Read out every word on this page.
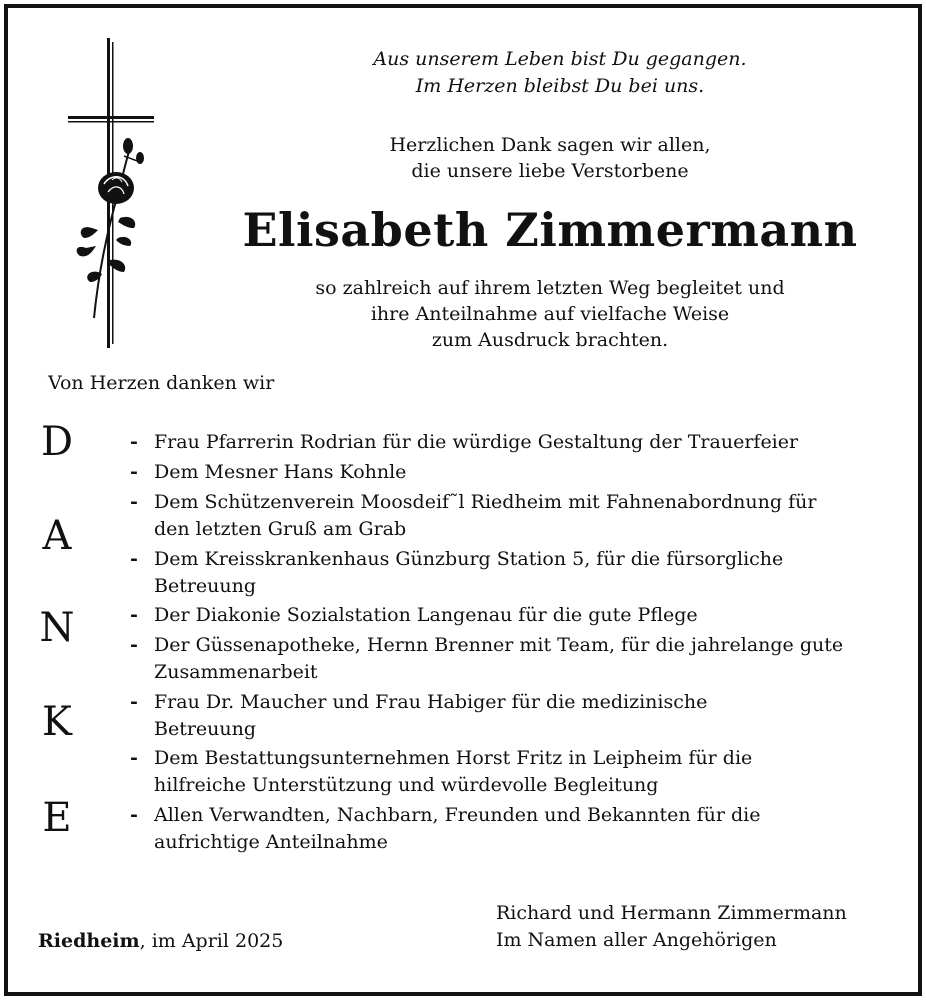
Aus unserem Leben bist Du gegangen.
Im Herzen bleibst Du bei uns.
Herzlichen Dank sagen wir allen,
die unsere liebe Verstorbene
Elisabeth Zimmermann
so zahlreich auf ihrem letzten Weg begleitet und
ihre Anteilnahme auf vielfache Weise
zum Ausdruck brachten.
Von Herzen danken wir
D
A
N
K
E
- Frau Pfarrerin Rodrian für die würdige Gestaltung der Trauerfeier
- Dem Mesner Hans Kohnle
- Dem Schützenverein Moosdeif˜l Riedheim mit Fahnenabordnung für den letzten Gruß am Grab
- Dem Kreisskrankenhaus Günzburg Station 5, für die fürsorgliche Betreuung
- Der Diakonie Sozialstation Langenau für die gute Pflege
- Der Güssenapotheke, Hernn Brenner mit Team, für die jahrelange gute Zusammenarbeit
- Frau Dr. Maucher und Frau Habiger für die medizinische Betreuung
- Dem Bestattungsunternehmen Horst Fritz in Leipheim für die hilfreiche Unterstützung und würdevolle Begleitung
- Allen Verwandten, Nachbarn, Freunden und Bekannten für die aufrichtige Anteilnahme
Riedheim, im April 2025
Richard und Hermann Zimmermann
Im Namen aller Angehörigen
